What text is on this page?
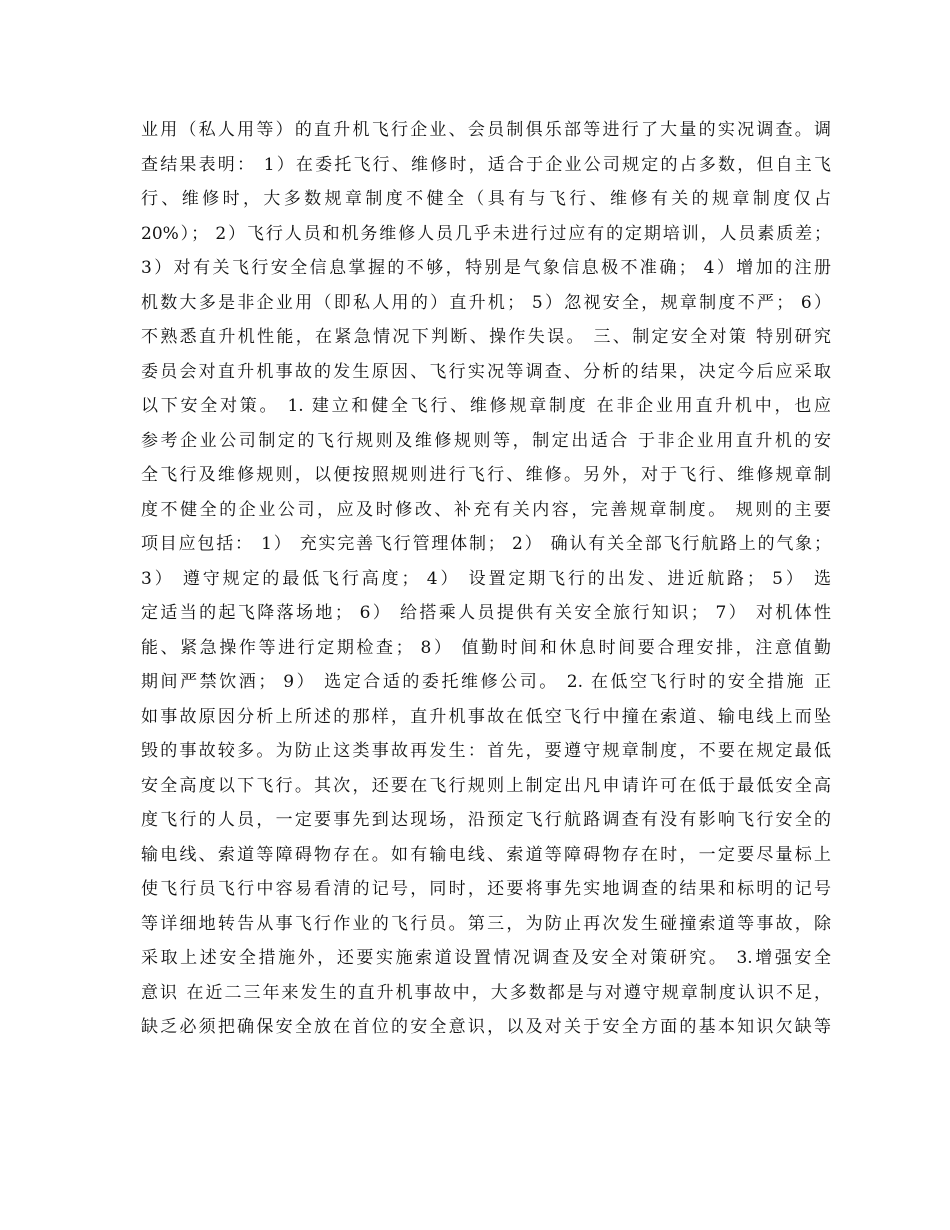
业用（私人用等）的直升机飞行企业、会员制俱乐部等进行了大量的实况调查。调
查结果表明： 1）在委托飞行、维修时，适合于企业公司规定的占多数，但自主飞
行、维修时，大多数规章制度不健全（具有与飞行、维修有关的规章制度仅占
20%）； 2）飞行人员和机务维修人员几乎未进行过应有的定期培训，人员素质差；
3）对有关飞行安全信息掌握的不够，特别是气象信息极不准确； 4）增加的注册
机数大多是非企业用（即私人用的）直升机； 5）忽视安全，规章制度不严； 6）
不熟悉直升机性能，在紧急情况下判断、操作失误。 三、制定安全对策 特别研究
委员会对直升机事故的发生原因、飞行实况等调查、分析的结果，决定今后应采取
以下安全对策。 1. 建立和健全飞行、维修规章制度 在非企业用直升机中，也应
参考企业公司制定的飞行规则及维修规则等，制定出适合 于非企业用直升机的安
全飞行及维修规则，以便按照规则进行飞行、维修。另外，对于飞行、维修规章制
度不健全的企业公司，应及时修改、补充有关内容，完善规章制度。 规则的主要
项目应包括： 1） 充实完善飞行管理体制； 2） 确认有关全部飞行航路上的气象；
3） 遵守规定的最低飞行高度； 4） 设置定期飞行的出发、进近航路； 5） 选
定适当的起飞降落场地； 6） 给搭乘人员提供有关安全旅行知识； 7） 对机体性
能、紧急操作等进行定期检查； 8） 值勤时间和休息时间要合理安排，注意值勤
期间严禁饮酒； 9） 选定合适的委托维修公司。 2. 在低空飞行时的安全措施 正
如事故原因分析上所述的那样，直升机事故在低空飞行中撞在索道、输电线上而坠
毁的事故较多。为防止这类事故再发生：首先，要遵守规章制度，不要在规定最低
安全高度以下飞行。其次，还要在飞行规则上制定出凡申请许可在低于最低安全高
度飞行的人员，一定要事先到达现场，沿预定飞行航路调查有没有影响飞行安全的
输电线、索道等障碍物存在。如有输电线、索道等障碍物存在时，一定要尽量标上
使飞行员飞行中容易看清的记号，同时，还要将事先实地调查的结果和标明的记号
等详细地转告从事飞行作业的飞行员。第三，为防止再次发生碰撞索道等事故，除
采取上述安全措施外，还要实施索道设置情况调查及安全对策研究。 3.增强安全
意识 在近二三年来发生的直升机事故中，大多数都是与对遵守规章制度认识不足，
缺乏必须把确保安全放在首位的安全意识，以及对关于安全方面的基本知识欠缺等
